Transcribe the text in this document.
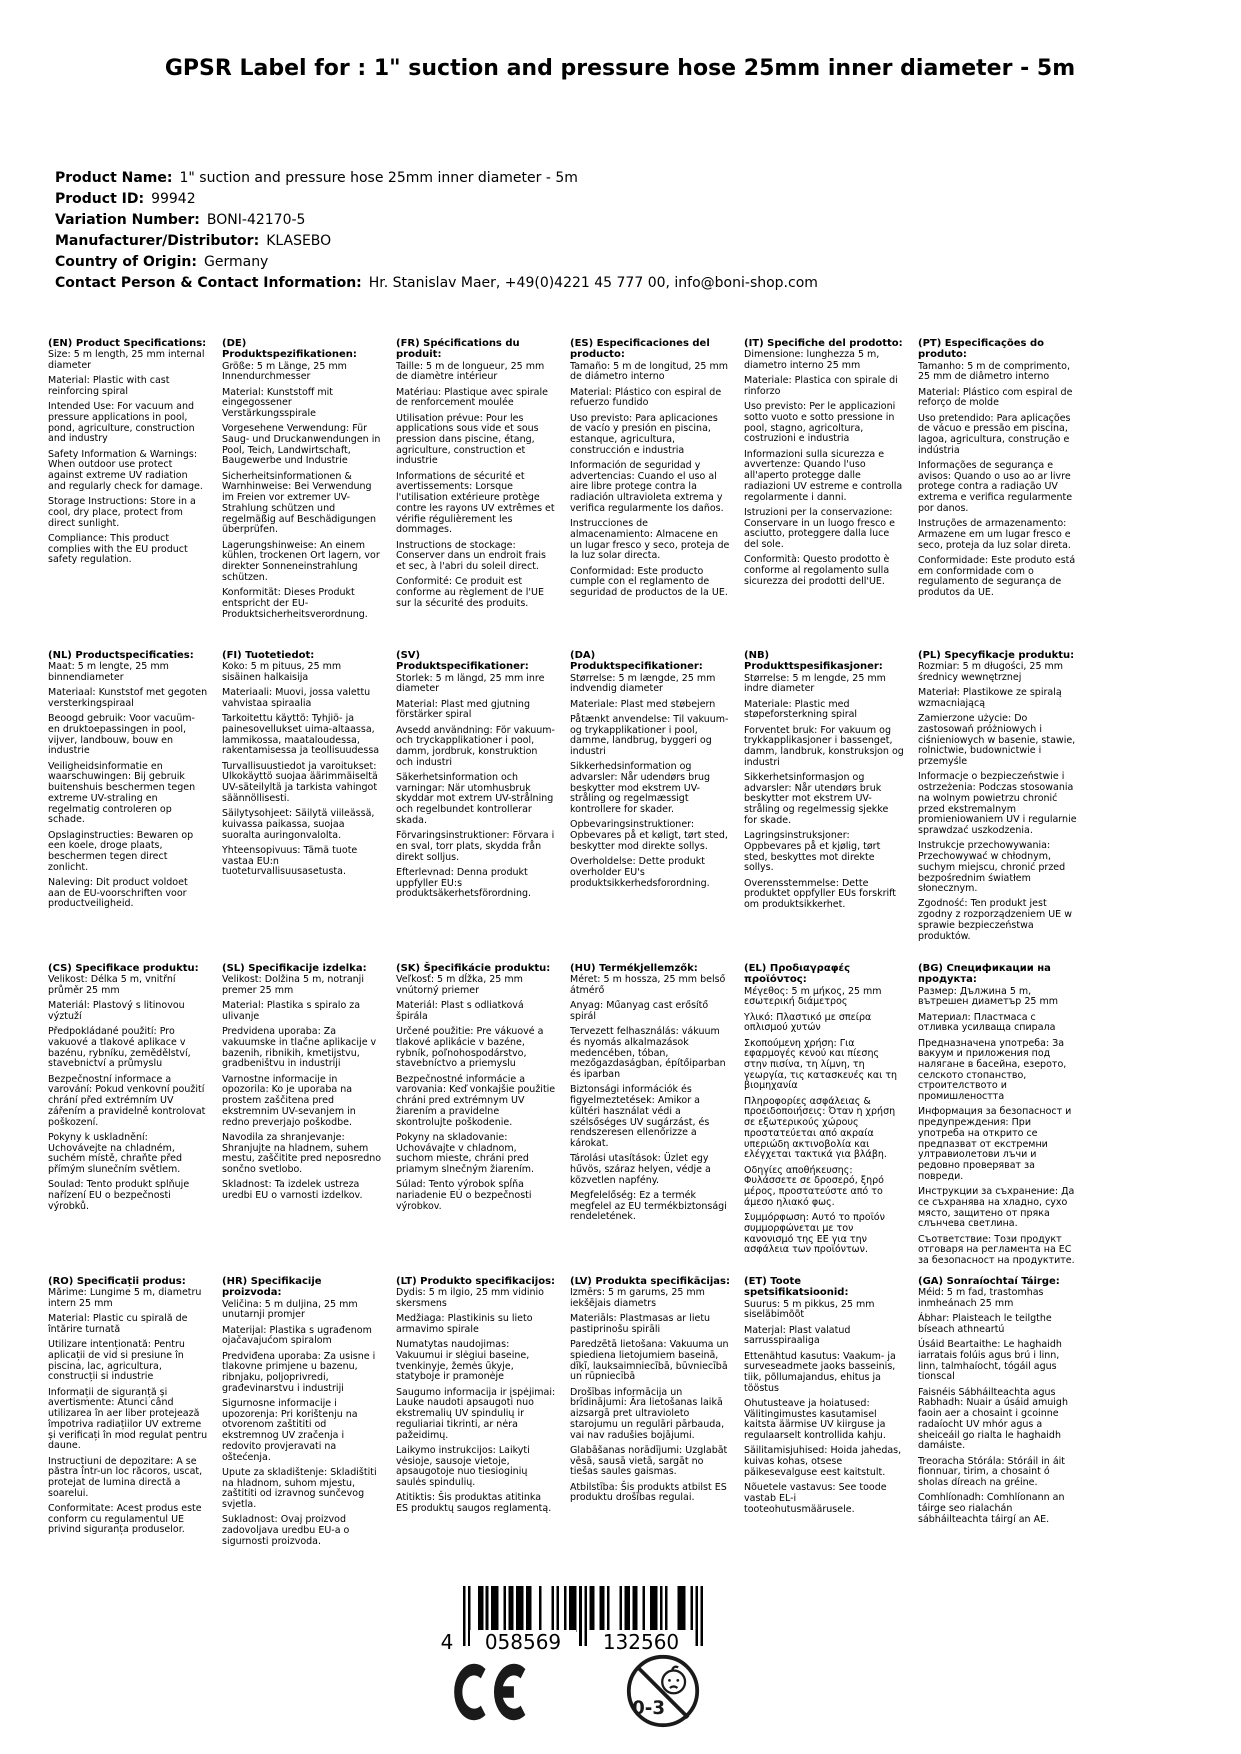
GPSR Label for : 1" suction and pressure hose 25mm inner diameter - 5m
Product Name: 1" suction and pressure hose 25mm inner diameter - 5m
Product ID: 99942
Variation Number: BONI-42170-5
Manufacturer/Distributor: KLASEBO
Country of Origin: Germany
Contact Person & Contact Information: Hr. Stanislav Maer, +49(0)4221 45 777 00, info@boni-shop.com
(EN) Product Specifications:

Size: 5 m length, 25 mm internal diameter

Material: Plastic with cast reinforcing spiral

Intended Use: For vacuum and pressure applications in pool, pond, agriculture, construction and industry

Safety Information & Warnings: When outdoor use protect against extreme UV radiation and regularly check for damage.

Storage Instructions: Store in a cool, dry place, protect from direct sunlight.

Compliance: This product complies with the EU product safety regulation.

(DE) Produktspezifikationen:

Größe: 5 m Länge, 25 mm Innendurchmesser

Material: Kunststoff mit eingegossener Verstärkungsspirale

Vorgesehene Verwendung: Für Saug- und Druckanwendungen in Pool, Teich, Landwirtschaft, Baugewerbe und Industrie

Sicherheitsinformationen & Warnhinweise: Bei Verwendung im Freien vor extremer UV-Strahlung schützen und regelmäßig auf Beschädigungen überprüfen.

Lagerungshinweise: An einem kühlen, trockenen Ort lagern, vor direkter Sonneneinstrahlung schützen.

Konformität: Dieses Produkt entspricht der EU-Produktsicherheitsverordnung.

(FR) Spécifications du produit:

Taille: 5 m de longueur, 25 mm de diamètre intérieur

Matériau: Plastique avec spirale de renforcement moulée

Utilisation prévue: Pour les applications sous vide et sous pression dans piscine, étang, agriculture, construction et industrie

Informations de sécurité et avertissements: Lorsque l'utilisation extérieure protège contre les rayons UV extrêmes et vérifie régulièrement les dommages.

Instructions de stockage: Conserver dans un endroit frais et sec, à l'abri du soleil direct.

Conformité: Ce produit est conforme au règlement de l'UE sur la sécurité des produits.

(ES) Especificaciones del producto:

Tamaño: 5 m de longitud, 25 mm de diámetro interno

Material: Plástico con espiral de refuerzo fundido

Uso previsto: Para aplicaciones de vacío y presión en piscina, estanque, agricultura, construcción e industria

Información de seguridad y advertencias: Cuando el uso al aire libre protege contra la radiación ultravioleta extrema y verifica regularmente los daños.

Instrucciones de almacenamiento: Almacene en un lugar fresco y seco, proteja de la luz solar directa.

Conformidad: Este producto cumple con el reglamento de seguridad de productos de la UE.

(IT) Specifiche del prodotto:

Dimensione: lunghezza 5 m, diametro interno 25 mm

Materiale: Plastica con spirale di rinforzo

Uso previsto: Per le applicazioni sotto vuoto e sotto pressione in pool, stagno, agricoltura, costruzioni e industria

Informazioni sulla sicurezza e avvertenze: Quando l'uso all'aperto protegge dalle radiazioni UV estreme e controlla regolarmente i danni.

Istruzioni per la conservazione: Conservare in un luogo fresco e asciutto, proteggere dalla luce del sole.

Conformità: Questo prodotto è conforme al regolamento sulla sicurezza dei prodotti dell'UE.

(PT) Especificações do produto:

Tamanho: 5 m de comprimento, 25 mm de diâmetro interno

Material: Plástico com espiral de reforço de molde

Uso pretendido: Para aplicações de vácuo e pressão em piscina, lagoa, agricultura, construção e indústria

Informações de segurança e avisos: Quando o uso ao ar livre protege contra a radiação UV extrema e verifica regularmente por danos.

Instruções de armazenamento: Armazene em um lugar fresco e seco, proteja da luz solar direta.

Conformidade: Este produto está em conformidade com o regulamento de segurança de produtos da UE.

(NL) Productspecificaties:

Maat: 5 m lengte, 25 mm binnendiameter

Materiaal: Kunststof met gegoten versterkingspiraal

Beoogd gebruik: Voor vacuüm- en druktoepassingen in pool, vijver, landbouw, bouw en industrie

Veiligheidsinformatie en waarschuwingen: Bij gebruik buitenshuis beschermen tegen extreme UV-straling en regelmatig controleren op schade.

Opslaginstructies: Bewaren op een koele, droge plaats, beschermen tegen direct zonlicht.

Naleving: Dit product voldoet aan de EU-voorschriften voor productveiligheid.

(FI) Tuotetiedot:

Koko: 5 m pituus, 25 mm sisäinen halkaisija

Materiaali: Muovi, jossa valettu vahvistaa spiraalia

Tarkoitettu käyttö: Tyhjiö- ja painesovellukset uima-altaassa, lammikossa, maataloudessa, rakentamisessa ja teollisuudessa

Turvallisuustiedot ja varoitukset: Ulkokäyttö suojaa äärimmäiseltä UV-säteilyltä ja tarkista vahingot säännöllisesti.

Säilytysohjeet: Säilytä viileässä, kuivassa paikassa, suojaa suoralta auringonvalolta.

Yhteensopivuus: Tämä tuote vastaa EU:n tuoteturvallisuusasetusta.

(SV) Produktspecifikationer:

Storlek: 5 m längd, 25 mm inre diameter

Material: Plast med gjutning förstärker spiral

Avsedd användning: För vakuum- och tryckapplikationer i pool, damm, jordbruk, konstruktion och industri

Säkerhetsinformation och varningar: När utomhusbruk skyddar mot extrem UV-strålning och regelbundet kontrollerar skada.

Förvaringsinstruktioner: Förvara i en sval, torr plats, skydda från direkt solljus.

Efterlevnad: Denna produkt uppfyller EU:s produktsäkerhetsförordning.

(DA) Produktspecifikationer:

Størrelse: 5 m længde, 25 mm indvendig diameter

Materiale: Plast med støbejern

Påtænkt anvendelse: Til vakuum- og trykapplikationer i pool, damme, landbrug, byggeri og industri

Sikkerhedsinformation og advarsler: Når udendørs brug beskytter mod ekstrem UV-stråling og regelmæssigt kontrollere for skader.

Opbevaringsinstruktioner: Opbevares på et køligt, tørt sted, beskytter mod direkte sollys.

Overholdelse: Dette produkt overholder EU's produktsikkerhedsforordning.

(NB) Produkttspesifikasjoner:

Størrelse: 5 m lengde, 25 mm indre diameter

Materiale: Plastic med støpeforsterkning spiral

Forventet bruk: For vakuum og trykkapplikasjoner i bassenget, damm, landbruk, konstruksjon og industri

Sikkerhetsinformasjon og advarsler: Når utendørs bruk beskytter mot ekstrem UV-stråling og regelmessig sjekke for skade.

Lagringsinstruksjoner: Oppbevares på et kjølig, tørt sted, beskyttes mot direkte sollys.

Overensstemmelse: Dette produktet oppfyller EUs forskrift om produktsikkerhet.

(PL) Specyfikacje produktu:

Rozmiar: 5 m długości, 25 mm średnicy wewnętrznej

Materiał: Plastikowe ze spiralą wzmacniającą

Zamierzone użycie: Do zastosowań próżniowych i ciśnieniowych w basenie, stawie, rolnictwie, budownictwie i przemyśle

Informacje o bezpieczeństwie i ostrzeżenia: Podczas stosowania na wolnym powietrzu chronić przed ekstremalnym promieniowaniem UV i regularnie sprawdzać uszkodzenia.

Instrukcje przechowywania: Przechowywać w chłodnym, suchym miejscu, chronić przed bezpośrednim światłem słonecznym.

Zgodność: Ten produkt jest zgodny z rozporządzeniem UE w sprawie bezpieczeństwa produktów.

(CS) Specifikace produktu:

Velikost: Délka 5 m, vnitřní průměr 25 mm

Materiál: Plastový s litinovou výztuží

Předpokládané použití: Pro vakuové a tlakové aplikace v bazénu, rybníku, zemědělství, stavebnictví a průmyslu

Bezpečnostní informace a varování: Pokud venkovní použití chrání před extrémním UV zářením a pravidelně kontrolovat poškození.

Pokyny k uskladnění: Uchovávejte na chladném, suchém místě, chraňte před přímým slunečním světlem.

Soulad: Tento produkt splňuje nařízení EU o bezpečnosti výrobků.

(SL) Specifikacije izdelka:

Velikost: Dolžina 5 m, notranji premer 25 mm

Material: Plastika s spiralo za ulivanje

Predvidena uporaba: Za vakuumske in tlačne aplikacije v bazenih, ribnikih, kmetijstvu, gradbeništvu in industriji

Varnostne informacije in opozorila: Ko je uporaba na prostem zaščitena pred ekstremnim UV-sevanjem in redno preverjajo poškodbe.

Navodila za shranjevanje: Shranjujte na hladnem, suhem mestu, zaščitite pred neposredno sončno svetlobo.

Skladnost: Ta izdelek ustreza uredbi EU o varnosti izdelkov.

(SK) Špecifikácie produktu:

Veľkosť: 5 m dĺžka, 25 mm vnútorný priemer

Materiál: Plast s odliatková špirála

Určené použitie: Pre vákuové a tlakové aplikácie v bazéne, rybník, poľnohospodárstvo, stavebníctvo a priemyslu

Bezpečnostné informácie a varovania: Keď vonkajšie použitie chráni pred extrémnym UV žiarením a pravidelne skontrolujte poškodenie.

Pokyny na skladovanie: Uchovávajte v chladnom, suchom mieste, chráni pred priamym slnečným žiarením.

Súlad: Tento výrobok spĺňa nariadenie EÚ o bezpečnosti výrobkov.

(HU) Termékjellemzők:

Méret: 5 m hossza, 25 mm belső átmérő

Anyag: Műanyag cast erősítő spirál

Tervezett felhasználás: vákuum és nyomás alkalmazások medencében, tóban, mezőgazdaságban, építőiparban és iparban

Biztonsági információk és figyelmeztetések: Amikor a kültéri használat védi a szélsőséges UV sugárzást, és rendszeresen ellenőrizze a károkat.

Tárolási utasítások: Üzlet egy hűvös, száraz helyen, védje a közvetlen napfény.

Megfelelőség: Ez a termék megfelel az EU termékbiztonsági rendeletének.

(EL) Προδιαγραφές προϊόντος:

Μέγεθος: 5 m μήκος, 25 mm εσωτερική διάμετρος

Υλικό: Πλαστικό με σπείρα οπλισμού χυτών

Σκοπούμενη χρήση: Για εφαρμογές κενού και πίεσης στην πισίνα, τη λίμνη, τη γεωργία, τις κατασκευές και τη βιομηχανία

Πληροφορίες ασφάλειας & προειδοποιήσεις: Όταν η χρήση σε εξωτερικούς χώρους προστατεύεται από ακραία υπεριώδη ακτινοβολία και ελέγχεται τακτικά για βλάβη.

Οδηγίες αποθήκευσης: Φυλάσσετε σε δροσερό, ξηρό μέρος, προστατεύστε από το άμεσο ηλιακό φως.

Συμμόρφωση: Αυτό το προϊόν συμμορφώνεται με τον κανονισμό της ΕΕ για την ασφάλεια των προϊόντων.

(BG) Спецификации на продукта:

Размер: Дължина 5 m, вътрешен диаметър 25 mm

Материал: Пластмаса с отливка усилваща спирала

Предназначена употреба: За вакуум и приложения под налягане в басейна, езерото, селското стопанство, строителството и промишлеността

Информация за безопасност и предупреждения: При употреба на открито се предпазват от екстремни ултравиолетови лъчи и редовно проверяват за повреди.

Инструкции за съхранение: Да се съхранява на хладно, сухо място, защитено от пряка слънчева светлина.

Съответствие: Този продукт отговаря на регламента на ЕС за безопасност на продуктите.

(RO) Specificații produs:

Mărime: Lungime 5 m, diametru intern 25 mm

Material: Plastic cu spirală de întărire turnată

Utilizare intenționată: Pentru aplicații de vid si presiune în piscina, lac, agricultura, construcții si industrie

Informații de siguranță și avertismente: Atunci când utilizarea în aer liber protejează împotriva radiațiilor UV extreme și verificați în mod regulat pentru daune.

Instrucțiuni de depozitare: A se păstra într-un loc răcoros, uscat, protejat de lumina directă a soarelui.

Conformitate: Acest produs este conform cu regulamentul UE privind siguranța produselor.

(HR) Specifikacije proizvoda:

Veličina: 5 m duljina, 25 mm unutarnji promjer

Materijal: Plastika s ugrađenom ojačavajućom spiralom

Predviđena uporaba: Za usisne i tlakovne primjene u bazenu, ribnjaku, poljoprivredi, građevinarstvu i industriji

Sigurnosne informacije i upozorenja: Pri korištenju na otvorenom zaštititi od ekstremnog UV zračenja i redovito provjeravati na oštećenja.

Upute za skladištenje: Skladištiti na hladnom, suhom mjestu, zaštititi od izravnog sunčevog svjetla.

Sukladnost: Ovaj proizvod zadovoljava uredbu EU-a o sigurnosti proizvoda.

(LT) Produkto specifikacijos:

Dydis: 5 m ilgio, 25 mm vidinio skersmens

Medžiaga: Plastikinis su lieto armavimo spirale

Numatytas naudojimas: Vakuumui ir slėgiui baseine, tvenkinyje, žemės ūkyje, statyboje ir pramonėje

Saugumo informacija ir įspėjimai: Lauke naudoti apsaugoti nuo ekstremalių UV spindulių ir reguliariai tikrinti, ar nėra pažeidimų.

Laikymo instrukcijos: Laikyti vėsioje, sausoje vietoje, apsaugotoje nuo tiesioginių saulės spindulių.

Atitiktis: Šis produktas atitinka ES produktų saugos reglamentą.

(LV) Produkta specifikācijas:

Izmērs: 5 m garums, 25 mm iekšējais diametrs

Materiāls: Plastmasas ar lietu pastiprinošu spirāli

Paredzētā lietošana: Vakuuma un spiediena lietojumiem baseinā, dīķī, lauksaimniecībā, būvniecībā un rūpniecībā

Drošības informācija un brīdinājumi: Āra lietošanas laikā aizsargā pret ultravioleto starojumu un regulāri pārbauda, vai nav radušies bojājumi.

Glabāšanas norādījumi: Uzglabāt vēsā, sausā vietā, sargāt no tiešas saules gaismas.

Atbilstība: Šis produkts atbilst ES produktu drošības regulai.

(ET) Toote spetsifikatsioonid:

Suurus: 5 m pikkus, 25 mm siseläbimõõt

Materjal: Plast valatud sarrusspiraaliga

Ettenähtud kasutus: Vaakum- ja surveseadmete jaoks basseinis, tiik, põllumajandus, ehitus ja tööstus

Ohutusteave ja hoiatused: Välitingimustes kasutamisel kaitsta äärmise UV kiirguse ja regulaarselt kontrollida kahju.

Säilitamisjuhised: Hoida jahedas, kuivas kohas, otsese päikesevalguse eest kaitstult.

Nõuetele vastavus: See toode vastab EL-i tooteohutusmäärusele.

(GA) Sonraíochtaí Táirge:

Méid: 5 m fad, trastomhas inmheánach 25 mm

Ábhar: Plaisteach le teilgthe bíseach athneartú

Úsáid Beartaithe: Le haghaidh iarratais folúis agus brú i linn, linn, talmhaíocht, tógáil agus tionscal

Faisnéis Sábháilteachta agus Rabhadh: Nuair a úsáid amuigh faoin aer a chosaint i gcoinne radaíocht UV mhór agus a sheiceáil go rialta le haghaidh damáiste.

Treoracha Stórála: Stóráil in áit fionnuar, tirim, a chosaint ó sholas díreach na gréine.

Comhlíonadh: Comhlíonann an táirge seo rialachán sábháilteachta táirgí an AE.

4	058569	132560
0-3
